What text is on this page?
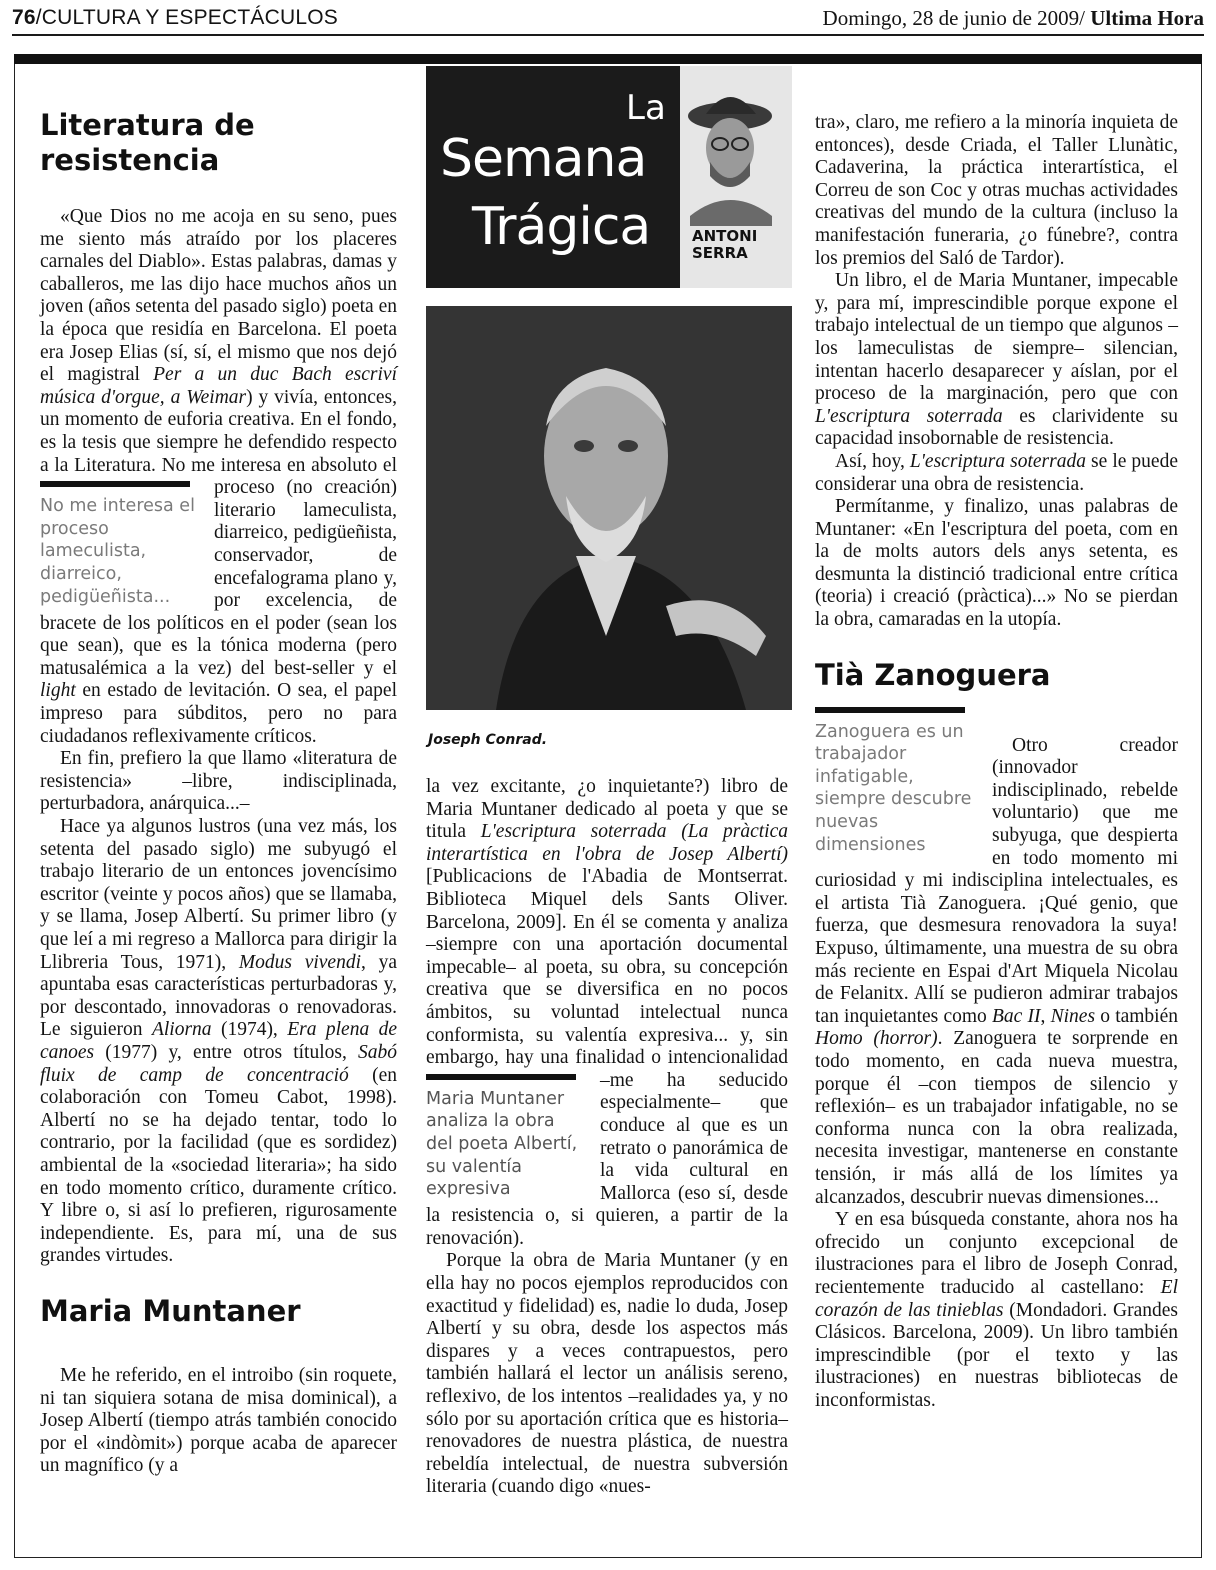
76/CULTURA Y ESPECTÁCULOS	Domingo, 28 de junio de 2009/ Ultima Hora
La
Semana
Trágica	ANTONI
SERRA
Joseph Conrad.
Literatura de
resistencia

«Que Dios no me acoja en su seno, pues me siento más atraído por los placeres carnales del Diablo». Estas palabras, damas y caballeros, me las dijo hace muchos años un joven (años setenta del pasado siglo) poeta en la época que residía en Barcelona. El poeta era Josep Elias (sí, sí, el mismo que nos dejó el magistral Per a un duc Bach escriví música d'orgue, a Weimar) y vivía, entonces, un momento de euforia creativa. En el fondo, es la tesis que siempre he defendido respecto a la Literatura. No me interesa
No me interesa el proceso lameculista, diarreico, pedigüeñista...
en absoluto el proceso (no creación) literario lameculista, diarreico, pedigüeñista, conservador, de encefalograma plano y, por excelencia, de bracete de los políticos en el poder (sean los que sean), que es la tónica moderna (pero matusalémica a la vez) del best-seller y el light en estado de levitación. O sea, el papel impreso para súbditos, pero no para ciudadanos reflexivamente críticos.

En fin, prefiero la que llamo «literatura de resistencia» –libre, indisciplinada, perturbadora, anárquica...–

Hace ya algunos lustros (una vez más, los setenta del pasado siglo) me subyugó el trabajo literario de un entonces jovencísimo escritor (veinte y pocos años) que se llamaba, y se llama, Josep Albertí. Su primer libro (y que leí a mi regreso a Mallorca para dirigir la Llibreria Tous, 1971), Modus vivendi, ya apuntaba esas características perturbadoras y, por descontado, innovadoras o renovadoras. Le siguieron Aliorna (1974), Era plena de canoes (1977) y, entre otros títulos, Sabó fluix de camp de concentració (en colaboración con Tomeu Cabot, 1998). Albertí no se ha dejado tentar, todo lo contrario, por la facilidad (que es sordidez) ambiental de la «sociedad literaria»; ha sido en todo momento crítico, duramente crítico. Y libre o, si así lo prefieren, rigurosamente independiente. Es, para mí, una de sus grandes virtudes.

Maria Muntaner

Me he referido, en el introibo (sin roquete, ni tan siquiera sotana de misa dominical), a Josep Albertí (tiempo atrás también conocido por el «indòmit») porque acaba de aparecer un magnífico (y a

la vez excitante, ¿o inquietante?) libro de Maria Muntaner dedicado al poeta y que se titula L'escriptura soterrada (La pràctica interartística en l'obra de Josep Albertí) [Publicacions de l'Abadia de Montserrat. Biblioteca Miquel dels Sants Oliver. Barcelona, 2009]. En él se comenta y analiza –siempre con una aportación documental impecable– al poeta, su obra, su concepción creativa que se diversifica en no pocos ámbitos, su voluntad intelectual nunca conformista, su valentía expresiva... y, sin embargo, hay una finalidad o intencionalidad –me ha
Maria Muntaner analiza la obra del poeta Albertí, su valentía expresiva
seducido especialmente– que conduce al que es un retrato o panorámica de la vida cultural en Mallorca (eso sí, desde la resistencia o, si quieren, a partir de la renovación).

Porque la obra de Maria Muntaner (y en ella hay no pocos ejemplos reproducidos con exactitud y fidelidad) es, nadie lo duda, Josep Albertí y su obra, desde los aspectos más dispares y a veces contrapuestos, pero también hallará el lector un análisis sereno, reflexivo, de los intentos –realidades ya, y no sólo por su aportación crítica que es historia– renovadores de nuestra plástica, de nuestra rebeldía intelectual, de nuestra subversión literaria (cuando digo «nues-

tra», claro, me refiero a la minoría inquieta de entonces), desde Criada, el Taller Llunàtic, Cadaverina, la práctica interartística, el Correu de son Coc y otras muchas actividades creativas del mundo de la cultura (incluso la manifestación funeraria, ¿o fúnebre?, contra los premios del Saló de Tardor).

Un libro, el de Maria Muntaner, impecable y, para mí, imprescindible porque expone el trabajo intelectual de un tiempo que algunos –los lameculistas de siempre– silencian, intentan hacerlo desaparecer y aíslan, por el proceso de la marginación, pero que con L'escriptura soterrada es clarividente su capacidad insobornable de resistencia.

Así, hoy, L'escriptura soterrada se le puede considerar una obra de resistencia.

Permítanme, y finalizo, unas palabras de Muntaner: «En l'escriptura del poeta, com en la de molts autors dels anys setenta, es desmunta la distinció tradicional entre crítica (teoria) i creació (pràctica)...» No se pierdan la obra, camaradas en la utopía.

Tià Zanoguera
Zanoguera es un trabajador infatigable, siempre descubre nuevas dimensiones

Otro creador (innovador indisciplinado, rebelde voluntario) que me subyuga, que despierta en todo momento mi curiosidad y mi indisciplina intelectuales, es el artista Tià Zanoguera. ¡Qué genio, que fuerza, que desmesura renovadora la suya! Expuso, últimamente, una muestra de su obra más reciente en Espai d'Art Miquela Nicolau de Felanitx. Allí se pudieron admirar trabajos tan inquietantes como Bac II, Nines o también Homo (horror). Zanoguera te sorprende en todo momento, en cada nueva muestra, porque él –con tiempos de silencio y reflexión– es un trabajador infatigable, no se conforma nunca con la obra realizada, necesita investigar, mantenerse en constante tensión, ir más allá de los límites ya alcanzados, descubrir nuevas dimensiones...

Y en esa búsqueda constante, ahora nos ha ofrecido un conjunto excepcional de ilustraciones para el libro de Joseph Conrad, recientemente traducido al castellano: El corazón de las tinieblas (Mondadori. Grandes Clásicos. Barcelona, 2009). Un libro también imprescindible (por el texto y las ilustraciones) en nuestras bibliotecas de inconformistas.
